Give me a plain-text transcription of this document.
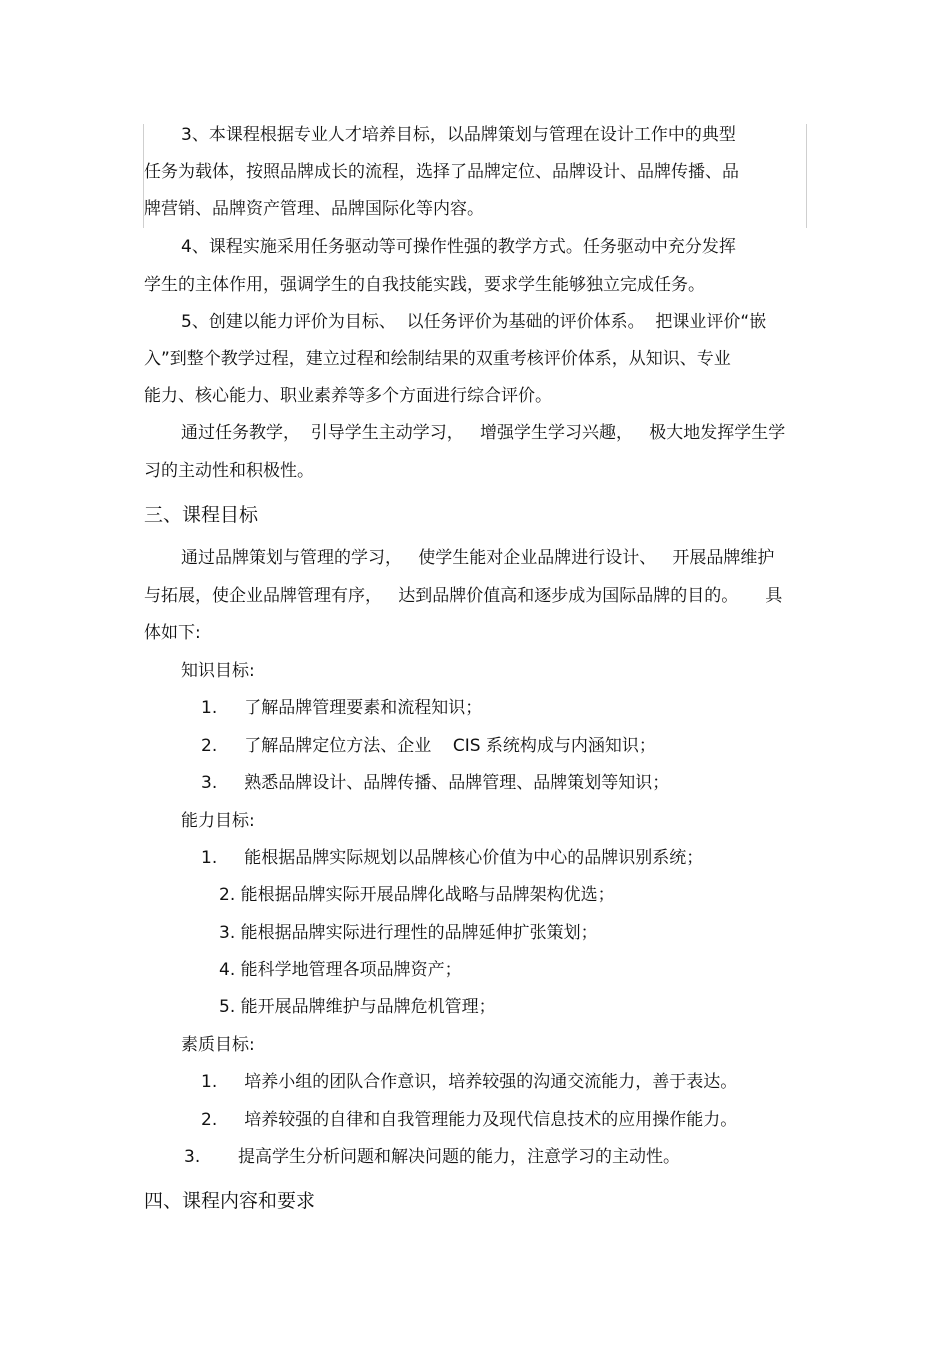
3、本课程根据专业人才培养目标，以品牌策划与管理在设计工作中的典型
任务为载体，按照品牌成长的流程，选择了品牌定位、品牌设计、品牌传播、品
牌营销、品牌资产管理、品牌国际化等内容。
4、课程实施采用任务驱动等可操作性强的教学方式。任务驱动中充分发挥
学生的主体作用，强调学生的自我技能实践，要求学生能够独立完成任务。
5、创建以能力评价为目标、  以任务评价为基础的评价体系。  把课业评价“嵌
入”到整个教学过程，建立过程和绘制结果的双重考核评价体系，从知识、专业
能力、核心能力、职业素养等多个方面进行综合评价。
通过任务教学，  引导学生主动学习，   增强学生学习兴趣，   极大地发挥学生学
习的主动性和积极性。
三、课程目标
通过品牌策划与管理的学习，   使学生能对企业品牌进行设计、   开展品牌维护
与拓展，使企业品牌管理有序，   达到品牌价值高和逐步成为国际品牌的目的。     具
体如下:
知识目标:
1.     了解品牌管理要素和流程知识；
2.     了解品牌定位方法、企业    CIS 系统构成与内涵知识；
3.     熟悉品牌设计、品牌传播、品牌管理、品牌策划等知识；
能力目标:
1.     能根据品牌实际规划以品牌核心价值为中心的品牌识别系统；
2. 能根据品牌实际开展品牌化战略与品牌架构优选；
3. 能根据品牌实际进行理性的品牌延伸扩张策划；
4. 能科学地管理各项品牌资产；
5. 能开展品牌维护与品牌危机管理；
素质目标:
1.     培养小组的团队合作意识，培养较强的沟通交流能力，善于表达。
2.     培养较强的自律和自我管理能力及现代信息技术的应用操作能力。
3.       提高学生分析问题和解决问题的能力，注意学习的主动性。
四、课程内容和要求
